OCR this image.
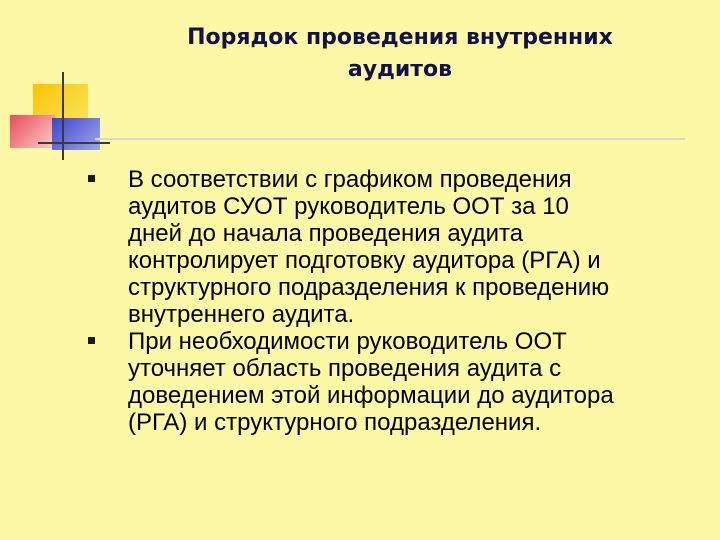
Порядок проведения внутренних
аудитов
В соответствии с графиком проведения
аудитов СУОТ руководитель ООТ за 10
дней до начала проведения аудита
контролирует подготовку аудитора (РГА) и
структурного подразделения к проведению
внутреннего аудита.
При необходимости руководитель ООТ
уточняет область проведения аудита с
доведением этой информации до аудитора
(РГА) и структурного подразделения.
